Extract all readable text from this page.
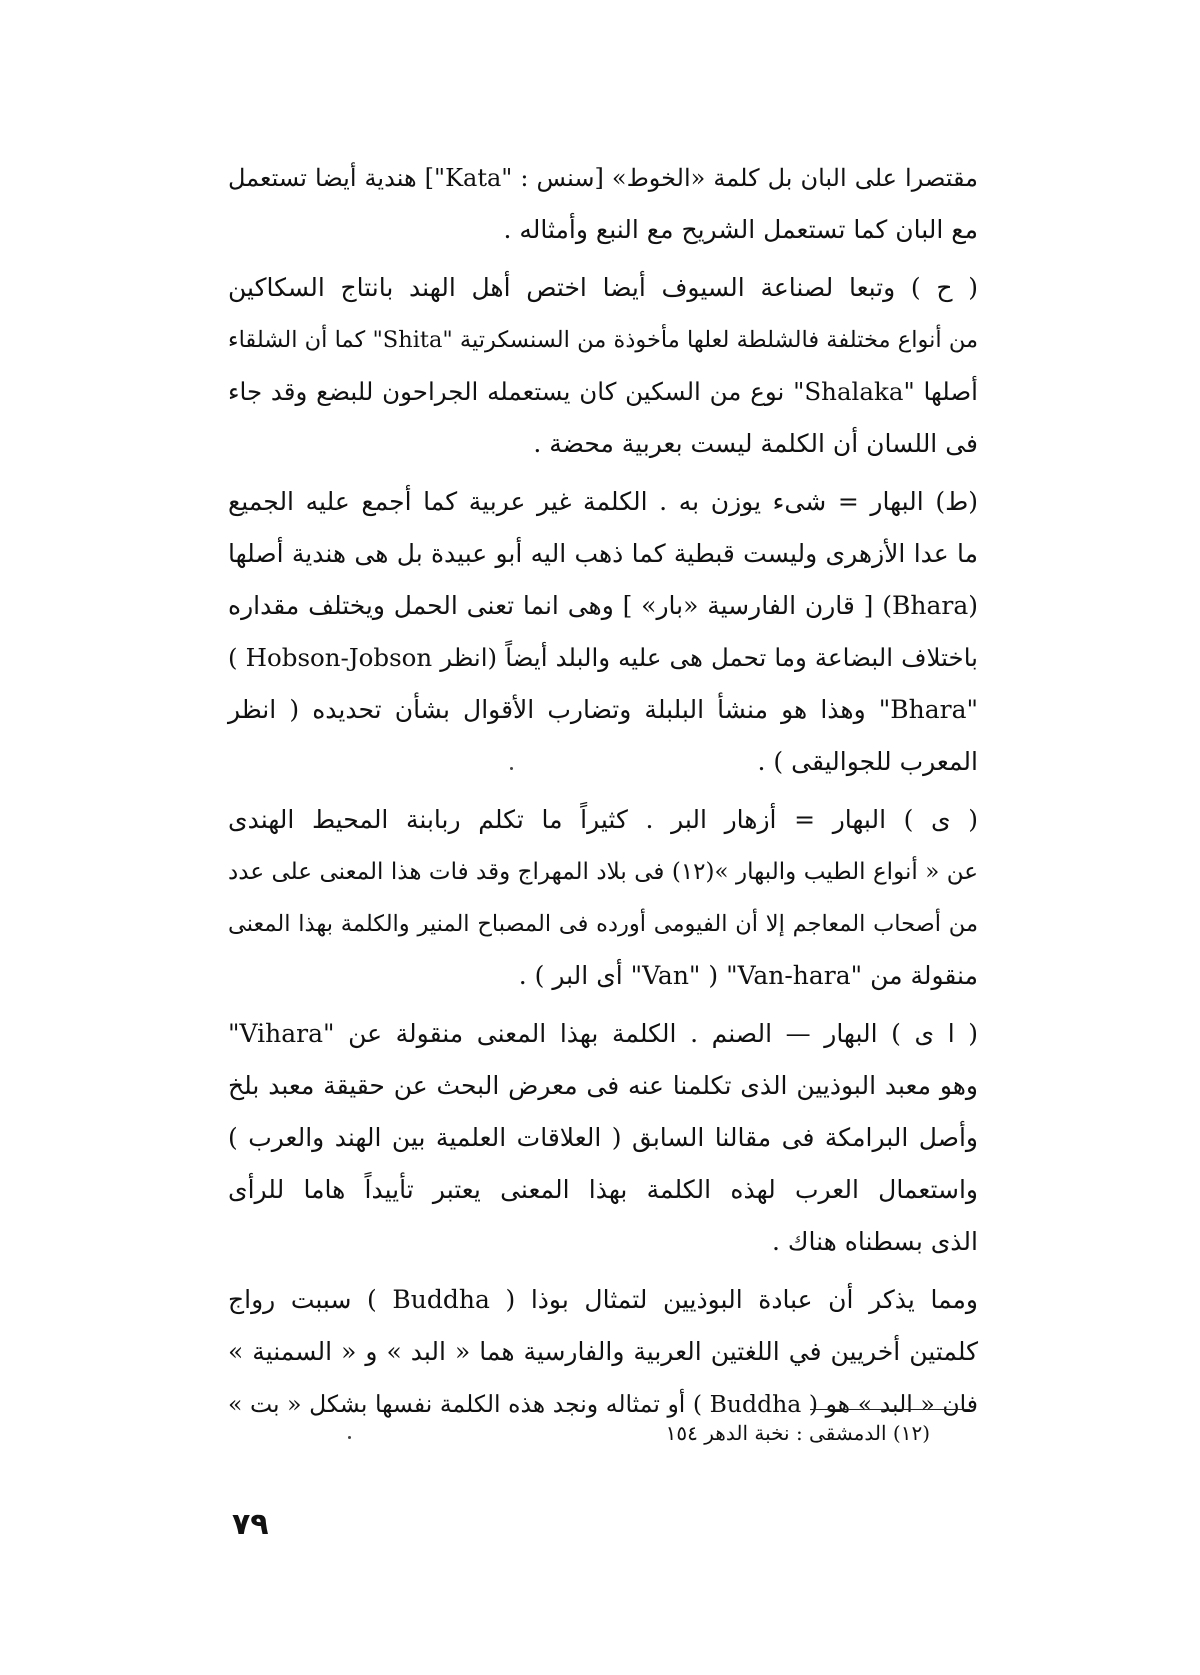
مقتصرا على البان بل كلمة «الخوط» [سنس : "Kata"] هندية أيضا تستعمل
مع البان كما تستعمل الشريح مع النبع وأمثاله .
( ح ) وتبعا لصناعة السيوف أيضا اختص أهل الهند بانتاج السكاكين
من أنواع مختلفة فالشلطة لعلها مأخوذة من السنسكرتية "Shita" كما أن الشلقاء
أصلها "Shalaka" نوع من السكين كان يستعمله الجراحون للبضع وقد جاء
فى اللسان أن الكلمة ليست بعربية محضة .
(ط) البهار = شىء يوزن به . الكلمة غير عربية كما أجمع عليه الجميع
ما عدا الأزهرى وليست قبطية كما ذهب اليه أبو عبيدة بل هى هندية أصلها
(Bhara) [ قارن الفارسية «بار» ] وهى انما تعنى الحمل ويختلف مقداره
باختلاف البضاعة وما تحمل هى عليه والبلد أيضاً (انظر Hobson-Jobson )
"Bhara" وهذا هو منشأ البلبلة وتضارب الأقوال بشأن تحديده ( انظر
المعرب للجواليقى ) .
( ى ) البهار = أزهار البر . كثيراً ما تكلم ربابنة المحيط الهندى
عن « أنواع الطيب والبهار »(١٢) فى بلاد المهراج وقد فات هذا المعنى على عدد
من أصحاب المعاجم إلا أن الفيومى أورده فى المصباح المنير والكلمة بهذا المعنى
منقولة من "Van-hara" ( "Van" أى البر ) .
( ا ى ) البهار — الصنم . الكلمة بهذا المعنى منقولة عن "Vihara"
وهو معبد البوذيين الذى تكلمنا عنه فى معرض البحث عن حقيقة معبد بلخ
وأصل البرامكة فى مقالنا السابق ( العلاقات العلمية بين الهند والعرب )
واستعمال العرب لهذه الكلمة بهذا المعنى يعتبر تأييداً هاما للرأى
الذى بسطناه هناك .
ومما يذكر أن عبادة البوذيين لتمثال بوذا ( Buddha ) سببت رواج
كلمتين أخريين في اللغتين العربية والفارسية هما « البد » و « السمنية »
فان « البد » هو ( Buddha ) أو تمثاله ونجد هذه الكلمة نفسها بشكل « بت »
(١٢) الدمشقى : نخبة الدهر ١٥٤
٧٩
